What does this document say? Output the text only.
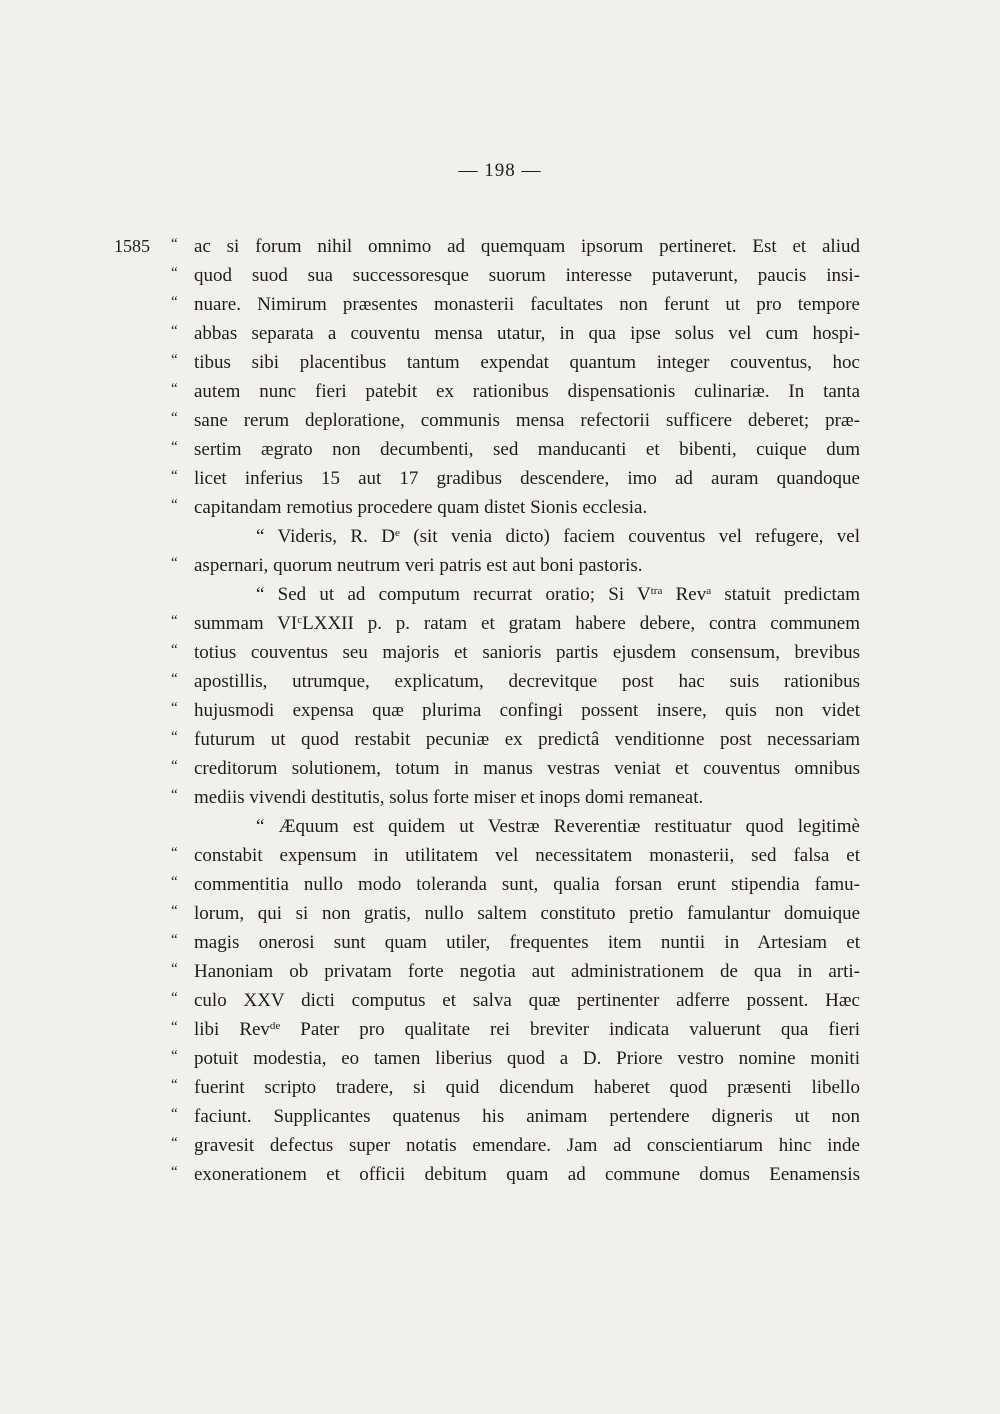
— 198 —
1585 “ ac si forum nihil omnimo ad quemquam ipsorum pertineret. Est et aliud
“ quod suod sua successoresque suorum interesse putaverunt, paucis insi-
“ nuare. Nimirum præsentes monasterii facultates non ferunt ut pro tempore
“ abbas separata a couventu mensa utatur, in qua ipse solus vel cum hospi-
“ tibus sibi placentibus tantum expendat quantum integer couventus, hoc
“ autem nunc fieri patebit ex rationibus dispensationis culinariæ. In tanta
“ sane rerum deploratione, communis mensa refectorii sufficere deberet; præ-
“ sertim ægrato non decumbenti, sed manducanti et bibenti, cuique dum
“ licet inferius 15 aut 17 gradibus descendere, imo ad auram quandoque
“ capitandam remotius procedere quam distet Sionis ecclesia.
“ Videris, R. De (sit venia dicto) faciem couventus vel refugere, vel
“ aspernari, quorum neutrum veri patris est aut boni pastoris.
“ Sed ut ad computum recurrat oratio; Si $V^{tra}$ Rev$^a$ statuit predictam
“ summam $VI^cLXXII$ p. p. ratam et gratam habere debere, contra communem
“ totius couventus seu majoris et sanioris partis ejusdem consensum, brevibus
“ apostillis, utrumque, explicatum, decrevitque post hac suis rationibus
“ hujusmodi expensa quæ plurima confingi possent insere, quis non videt
“ futurum ut quod restabit pecuniæ ex predictâ venditionne post necessariam
“ creditorum solutionem, totum in manus vestras veniat et couventus omnibus
“ mediis vivendi destitutis, solus forte miser et inops domi remaneat.
“ Æquum est quidem ut Vestræ Reverentiæ restituatur quod legitimè
“ constabit expensum in utilitatem vel necessitatem monasterii, sed falsa et
“ commentitia nullo modo toleranda sunt, qualia forsan erunt stipendia famu-
“ lorum, qui si non gratis, nullo saltem constituto pretio famulantur domuique
“ magis onerosi sunt quam utiler, frequentes item nuntii in Artesiam et
“ Hanoniam ob privatam forte negotia aut administrationem de qua in arti-
“ culo XXV dicti computus et salva quæ pertinenter adferre possent. Hæc
“ libi Rev$^{de}$ Pater pro qualitate rei breviter indicata valuerunt qua fieri
“ potuit modestia, eo tamen liberius quod a D. Priore vestro nomine moniti
“ fuerint scripto tradere, si quid dicendum haberet quod præsenti libello
“ faciunt. Supplicantes quatenus his animam pertendere digneris ut non
“ gravesit defectus super notatis emendare. Jam ad conscientiarum hinc inde
“ exonerationem et officii debitum quam ad commune domus Eenamensis
